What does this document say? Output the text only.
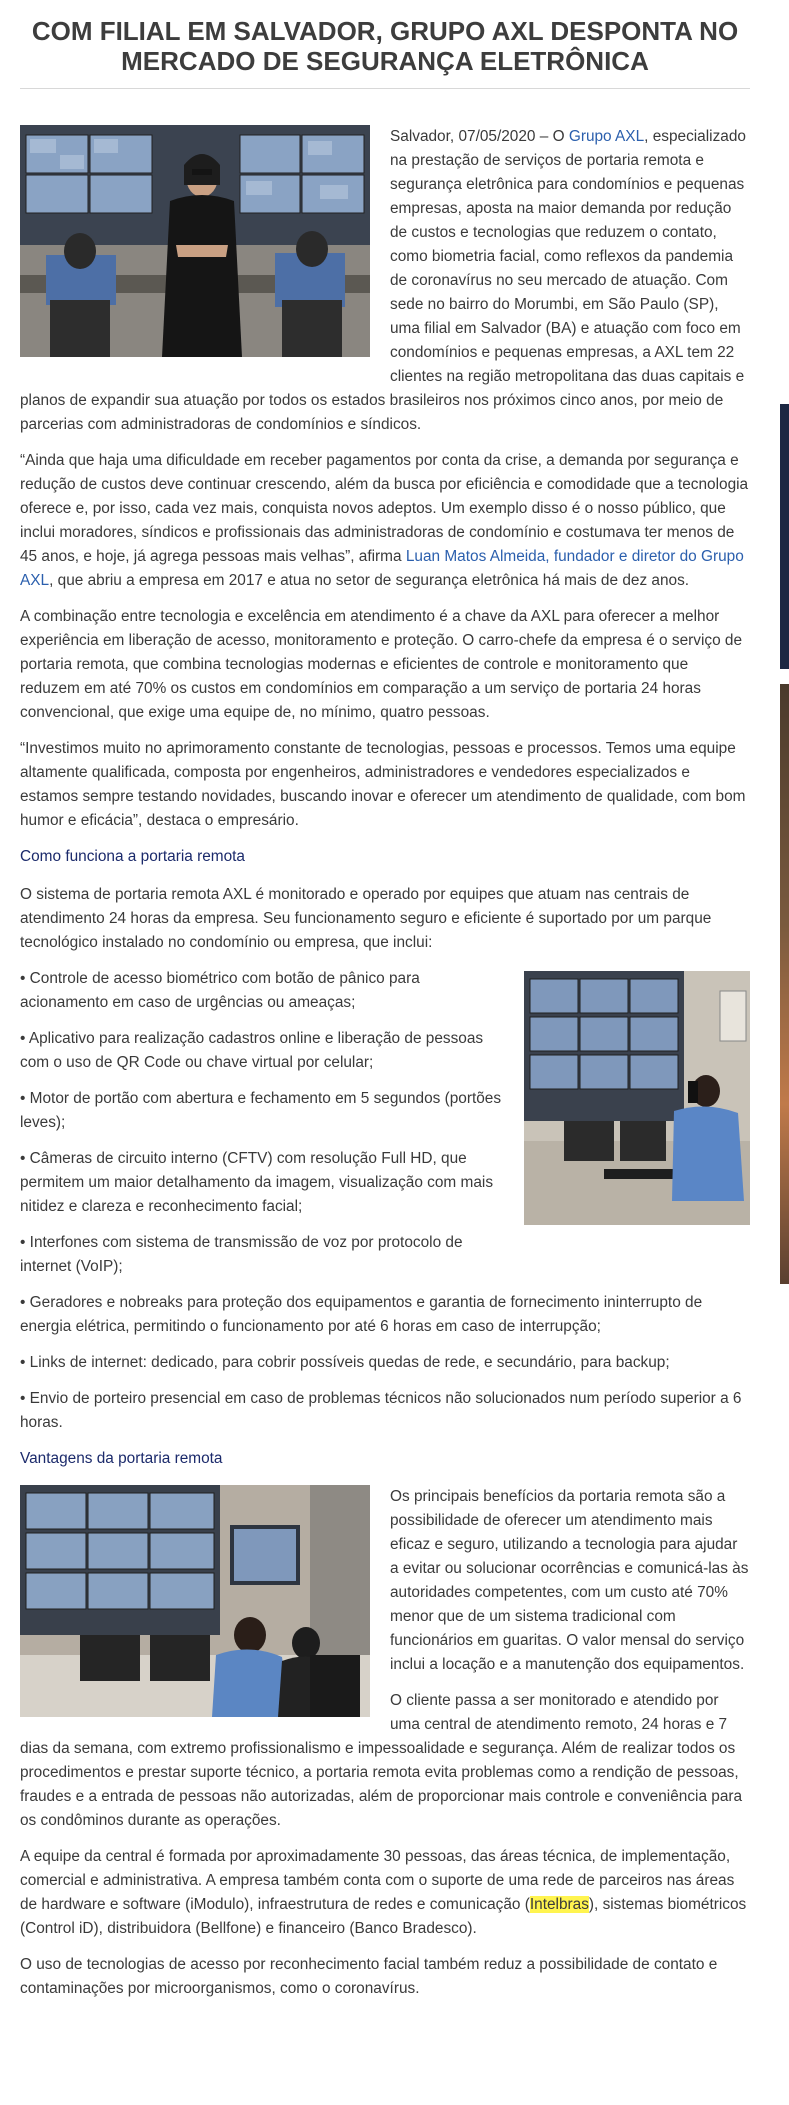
COM FILIAL EM SALVADOR, GRUPO AXL DESPONTA NO MERCADO DE SEGURANÇA ELETRÔNICA

Salvador, 07/05/2020 – O Grupo AXL, especializado na prestação de serviços de portaria remota e segurança eletrônica para condomínios e pequenas empresas, aposta na maior demanda por redução de custos e tecnologias que reduzem o contato, como biometria facial, como reflexos da pandemia de coronavírus no seu mercado de atuação. Com sede no bairro do Morumbi, em São Paulo (SP), uma filial em Salvador (BA) e atuação com foco em condomínios e pequenas empresas, a AXL tem 22 clientes na região metropolitana das duas capitais e planos de expandir sua atuação por todos os estados brasileiros nos próximos cinco anos, por meio de parcerias com administradoras de condomínios e síndicos.

“Ainda que haja uma dificuldade em receber pagamentos por conta da crise, a demanda por segurança e redução de custos deve continuar crescendo, além da busca por eficiência e comodidade que a tecnologia oferece e, por isso, cada vez mais, conquista novos adeptos. Um exemplo disso é o nosso público, que inclui moradores, síndicos e profissionais das administradoras de condomínio e costumava ter menos de 45 anos, e hoje, já agrega pessoas mais velhas”, afirma Luan Matos Almeida, fundador e diretor do Grupo AXL, que abriu a empresa em 2017 e atua no setor de segurança eletrônica há mais de dez anos.

A combinação entre tecnologia e excelência em atendimento é a chave da AXL para oferecer a melhor experiência em liberação de acesso, monitoramento e proteção. O carro-chefe da empresa é o serviço de portaria remota, que combina tecnologias modernas e eficientes de controle e monitoramento que reduzem em até 70% os custos em condomínios em comparação a um serviço de portaria 24 horas convencional, que exige uma equipe de, no mínimo, quatro pessoas.

“Investimos muito no aprimoramento constante de tecnologias, pessoas e processos. Temos uma equipe altamente qualificada, composta por engenheiros, administradores e vendedores especializados e estamos sempre testando novidades, buscando inovar e oferecer um atendimento de qualidade, com bom humor e eficácia”, destaca o empresário.

Como funciona a portaria remota

O sistema de portaria remota AXL é monitorado e operado por equipes que atuam nas centrais de atendimento 24 horas da empresa. Seu funcionamento seguro e eficiente é suportado por um parque tecnológico instalado no condomínio ou empresa, que inclui:

• Controle de acesso biométrico com botão de pânico para acionamento em caso de urgências ou ameaças;

• Aplicativo para realização cadastros online e liberação de pessoas com o uso de QR Code ou chave virtual por celular;

• Motor de portão com abertura e fechamento em 5 segundos (portões leves);

• Câmeras de circuito interno (CFTV) com resolução Full HD, que permitem um maior detalhamento da imagem, visualização com mais nitidez e clareza e reconhecimento facial;

• Interfones com sistema de transmissão de voz por protocolo de internet (VoIP);

• Geradores e nobreaks para proteção dos equipamentos e garantia de fornecimento ininterrupto de energia elétrica, permitindo o funcionamento por até 6 horas em caso de interrupção;

• Links de internet: dedicado, para cobrir possíveis quedas de rede, e secundário, para backup;

• Envio de porteiro presencial em caso de problemas técnicos não solucionados num período superior a 6 horas.

Vantagens da portaria remota

Os principais benefícios da portaria remota são a possibilidade de oferecer um atendimento mais eficaz e seguro, utilizando a tecnologia para ajudar a evitar ou solucionar ocorrências e comunicá-las às autoridades competentes, com um custo até 70% menor que de um sistema tradicional com funcionários em guaritas. O valor mensal do serviço inclui a locação e a manutenção dos equipamentos.

O cliente passa a ser monitorado e atendido por uma central de atendimento remoto, 24 horas e 7 dias da semana, com extremo profissionalismo e impessoalidade e segurança. Além de realizar todos os procedimentos e prestar suporte técnico, a portaria remota evita problemas como a rendição de pessoas, fraudes e a entrada de pessoas não autorizadas, além de proporcionar mais controle e conveniência para os condôminos durante as operações.

A equipe da central é formada por aproximadamente 30 pessoas, das áreas técnica, de implementação, comercial e administrativa. A empresa também conta com o suporte de uma rede de parceiros nas áreas de hardware e software (iModulo), infraestrutura de redes e comunicação (Intelbras), sistemas biométricos (Control iD), distribuidora (Bellfone) e financeiro (Banco Bradesco).

O uso de tecnologias de acesso por reconhecimento facial também reduz a possibilidade de contato e contaminações por microorganismos, como o coronavírus.
